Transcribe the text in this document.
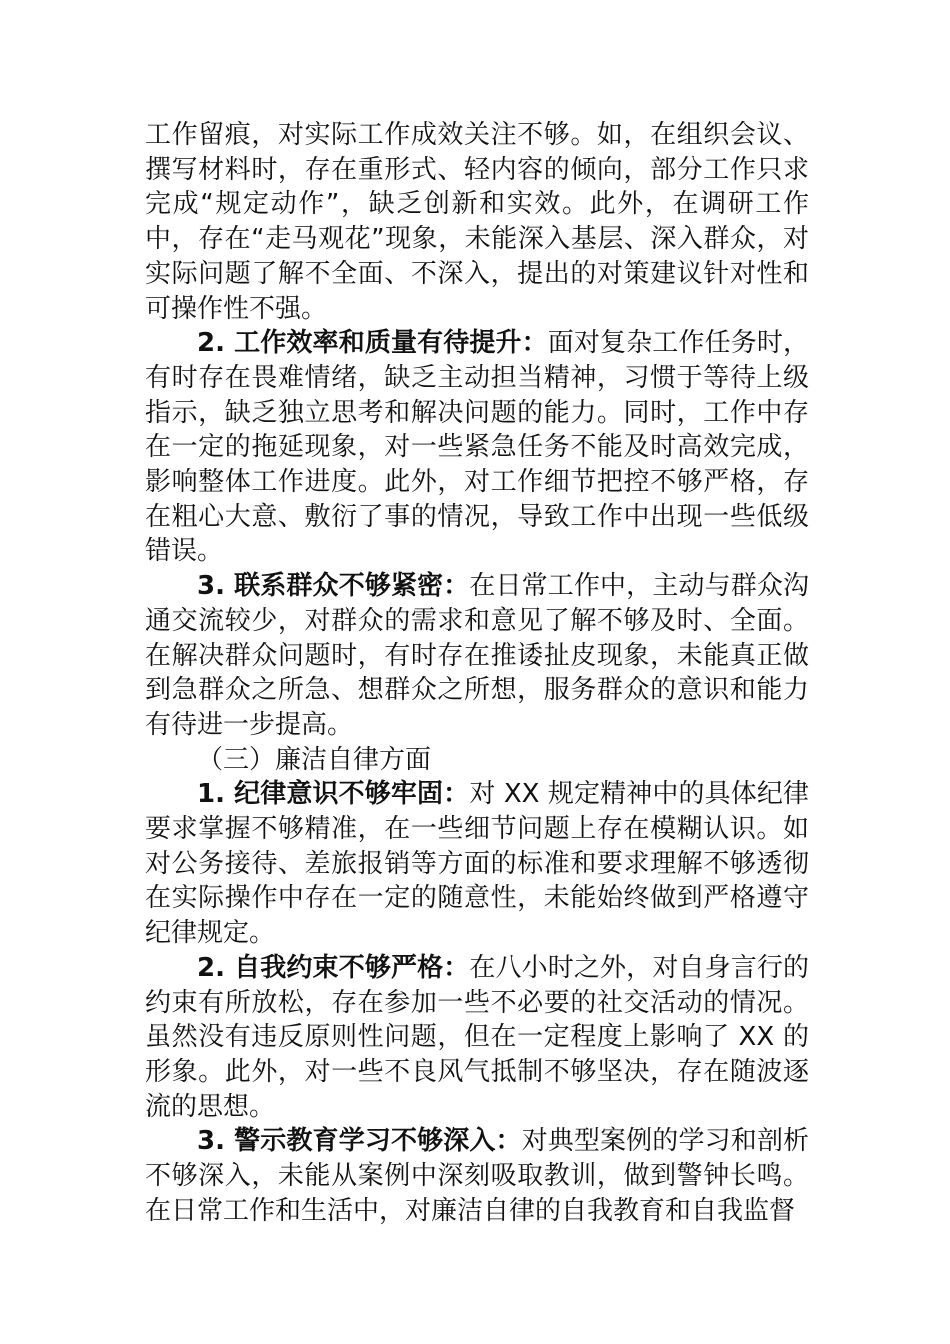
工作留痕，对实际工作成效关注不够。如，在组织会议、撰写材料时，存在重形式、轻内容的倾向，部分工作只求完成“规定动作”，缺乏创新和实效。此外，在调研工作中，存在“走马观花”现象，未能深入基层、深入群众，对实际问题了解不全面、不深入，提出的对策建议针对性和可操作性不强。

2. 工作效率和质量有待提升：面对复杂工作任务时，有时存在畏难情绪，缺乏主动担当精神，习惯于等待上级指示，缺乏独立思考和解决问题的能力。同时，工作中存在一定的拖延现象，对一些紧急任务不能及时高效完成，影响整体工作进度。此外，对工作细节把控不够严格，存在粗心大意、敷衍了事的情况，导致工作中出现一些低级错误。

3. 联系群众不够紧密：在日常工作中，主动与群众沟通交流较少，对群众的需求和意见了解不够及时、全面。在解决群众问题时，有时存在推诿扯皮现象，未能真正做到急群众之所急、想群众之所想，服务群众的意识和能力有待进一步提高。

（三）廉洁自律方面

1. 纪律意识不够牢固：对 XX 规定精神中的具体纪律要求掌握不够精准，在一些细节问题上存在模糊认识。如对公务接待、差旅报销等方面的标准和要求理解不够透彻在实际操作中存在一定的随意性，未能始终做到严格遵守纪律规定。

2. 自我约束不够严格：在八小时之外，对自身言行的约束有所放松，存在参加一些不必要的社交活动的情况。虽然没有违反原则性问题，但在一定程度上影响了 XX 的形象。此外，对一些不良风气抵制不够坚决，存在随波逐流的思想。

3. 警示教育学习不够深入：对典型案例的学习和剖析不够深入，未能从案例中深刻吸取教训，做到警钟长鸣。在日常工作和生活中，对廉洁自律的自我教育和自我监督
